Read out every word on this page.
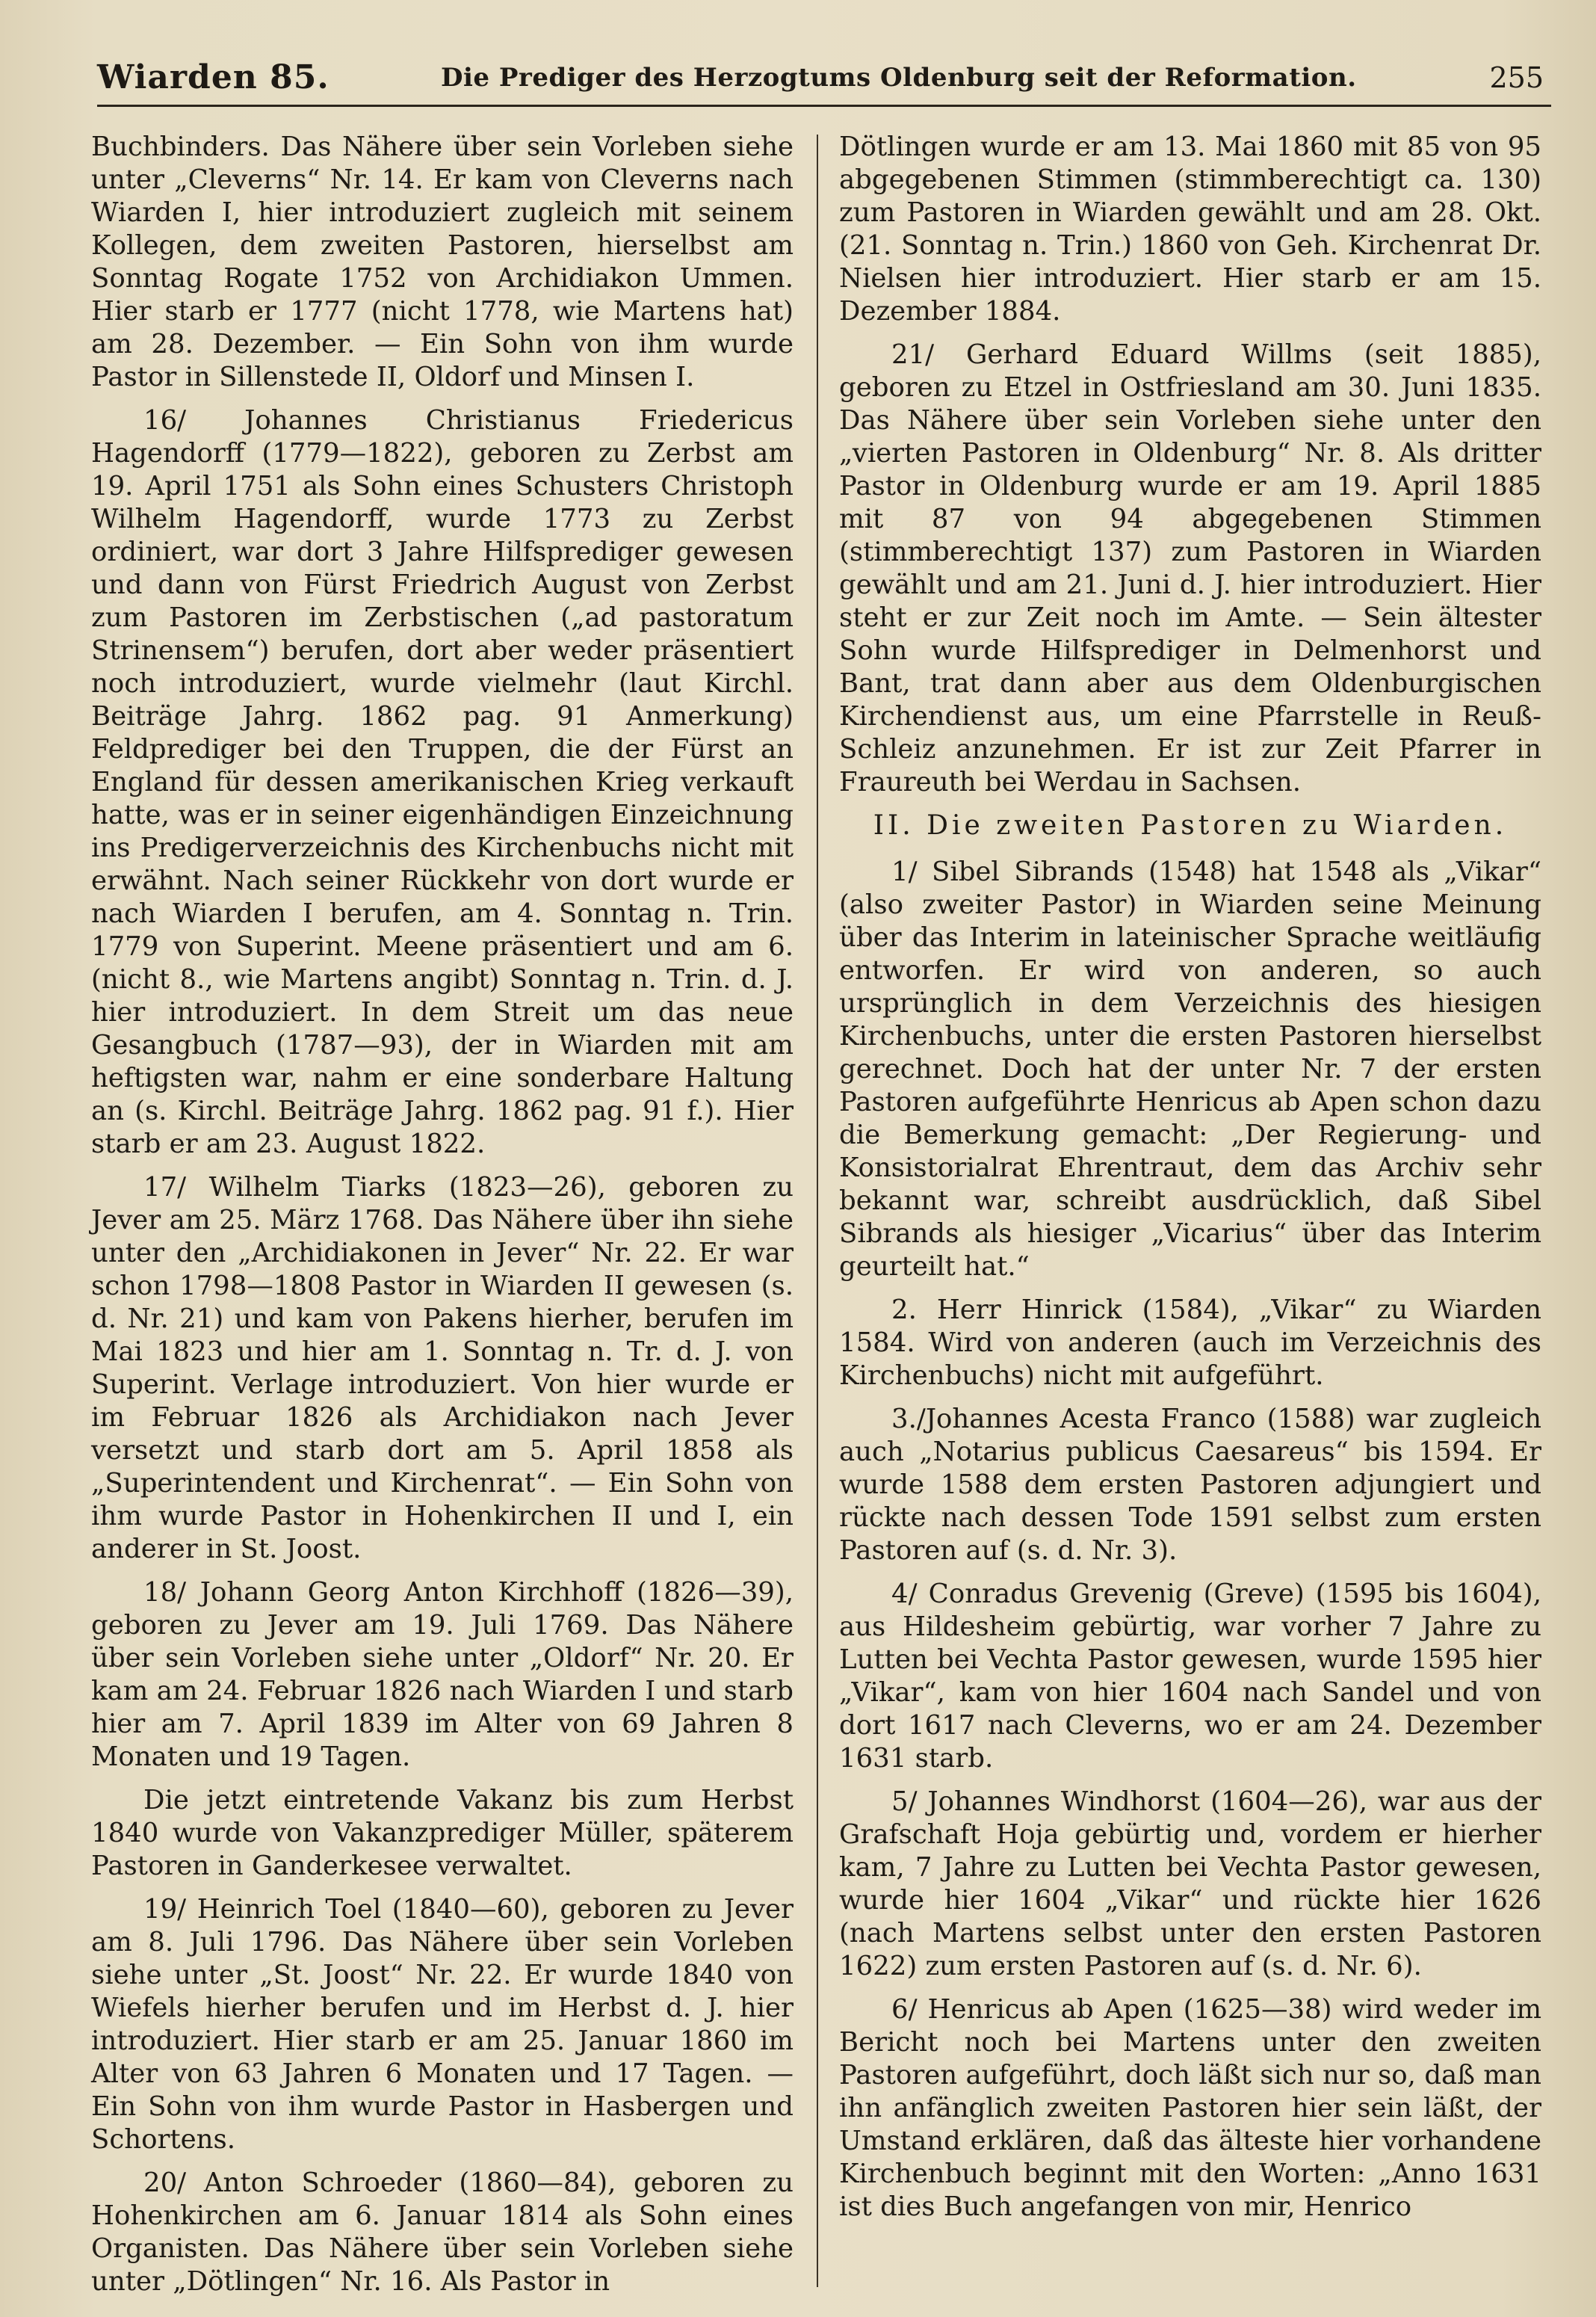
Wiarden 85.	Die Prediger des Herzogtums Oldenburg seit der Reformation.	255

Buchbinders. Das Nähere über sein Vorleben siehe unter „Cleverns“ Nr. 14. Er kam von Cleverns nach Wiarden I, hier introduziert zugleich mit seinem Kollegen, dem zweiten Pastoren, hierselbst am Sonntag Rogate 1752 von Archidiakon Ummen. Hier starb er 1777 (nicht 1778, wie Martens hat) am 28. Dezember. — Ein Sohn von ihm wurde Pastor in Sillenstede II, Oldorf und Minsen I.

16/ Johannes Christianus Friedericus Hagendorff (1779—1822), geboren zu Zerbst am 19. April 1751 als Sohn eines Schusters Christoph Wilhelm Hagendorff, wurde 1773 zu Zerbst ordiniert, war dort 3 Jahre Hilfsprediger gewesen und dann von Fürst Friedrich August von Zerbst zum Pastoren im Zerbstischen („ad pastoratum Strinensem“) berufen, dort aber weder präsentiert noch introduziert, wurde vielmehr (laut Kirchl. Beiträge Jahrg. 1862 pag. 91 Anmerkung) Feldprediger bei den Truppen, die der Fürst an England für dessen amerikanischen Krieg verkauft hatte, was er in seiner eigenhändigen Einzeichnung ins Predigerverzeichnis des Kirchenbuchs nicht mit erwähnt. Nach seiner Rückkehr von dort wurde er nach Wiarden I berufen, am 4. Sonntag n. Trin. 1779 von Superint. Meene präsentiert und am 6. (nicht 8., wie Martens angibt) Sonntag n. Trin. d. J. hier introduziert. In dem Streit um das neue Gesangbuch (1787—93), der in Wiarden mit am heftigsten war, nahm er eine sonderbare Haltung an (s. Kirchl. Beiträge Jahrg. 1862 pag. 91 f.). Hier starb er am 23. August 1822.

17/ Wilhelm Tiarks (1823—26), geboren zu Jever am 25. März 1768. Das Nähere über ihn siehe unter den „Archidiakonen in Jever“ Nr. 22. Er war schon 1798—1808 Pastor in Wiarden II gewesen (s. d. Nr. 21) und kam von Pakens hierher, berufen im Mai 1823 und hier am 1. Sonntag n. Tr. d. J. von Superint. Verlage introduziert. Von hier wurde er im Februar 1826 als Archidiakon nach Jever versetzt und starb dort am 5. April 1858 als „Superintendent und Kirchenrat“. — Ein Sohn von ihm wurde Pastor in Hohenkirchen II und I, ein anderer in St. Joost.

18/ Johann Georg Anton Kirchhoff (1826—39), geboren zu Jever am 19. Juli 1769. Das Nähere über sein Vorleben siehe unter „Oldorf“ Nr. 20. Er kam am 24. Februar 1826 nach Wiarden I und starb hier am 7. April 1839 im Alter von 69 Jahren 8 Monaten und 19 Tagen.

Die jetzt eintretende Vakanz bis zum Herbst 1840 wurde von Vakanzprediger Müller, späterem Pastoren in Ganderkesee verwaltet.

19/ Heinrich Toel (1840—60), geboren zu Jever am 8. Juli 1796. Das Nähere über sein Vorleben siehe unter „St. Joost“ Nr. 22. Er wurde 1840 von Wiefels hierher berufen und im Herbst d. J. hier introduziert. Hier starb er am 25. Januar 1860 im Alter von 63 Jahren 6 Monaten und 17 Tagen. — Ein Sohn von ihm wurde Pastor in Hasbergen und Schortens.

20/ Anton Schroeder (1860—84), geboren zu Hohenkirchen am 6. Januar 1814 als Sohn eines Organisten. Das Nähere über sein Vorleben siehe unter „Dötlingen“ Nr. 16. Als Pastor in

Dötlingen wurde er am 13. Mai 1860 mit 85 von 95 abgegebenen Stimmen (stimmberechtigt ca. 130) zum Pastoren in Wiarden gewählt und am 28. Okt. (21. Sonntag n. Trin.) 1860 von Geh. Kirchenrat Dr. Nielsen hier introduziert. Hier starb er am 15. Dezember 1884.

21/ Gerhard Eduard Willms (seit 1885), geboren zu Etzel in Ostfriesland am 30. Juni 1835. Das Nähere über sein Vorleben siehe unter den „vierten Pastoren in Oldenburg“ Nr. 8. Als dritter Pastor in Oldenburg wurde er am 19. April 1885 mit 87 von 94 abgegebenen Stimmen (stimmberechtigt 137) zum Pastoren in Wiarden gewählt und am 21. Juni d. J. hier introduziert. Hier steht er zur Zeit noch im Amte. — Sein ältester Sohn wurde Hilfsprediger in Delmenhorst und Bant, trat dann aber aus dem Oldenburgischen Kirchendienst aus, um eine Pfarrstelle in Reuß-Schleiz anzunehmen. Er ist zur Zeit Pfarrer in Fraureuth bei Werdau in Sachsen.

II. Die zweiten Pastoren zu Wiarden.

1/ Sibel Sibrands (1548) hat 1548 als „Vikar“ (also zweiter Pastor) in Wiarden seine Meinung über das Interim in lateinischer Sprache weitläufig entworfen. Er wird von anderen, so auch ursprünglich in dem Verzeichnis des hiesigen Kirchenbuchs, unter die ersten Pastoren hierselbst gerechnet. Doch hat der unter Nr. 7 der ersten Pastoren aufgeführte Henricus ab Apen schon dazu die Bemerkung gemacht: „Der Regierung- und Konsistorialrat Ehrentraut, dem das Archiv sehr bekannt war, schreibt ausdrücklich, daß Sibel Sibrands als hiesiger „Vicarius“ über das Interim geurteilt hat.“

2. Herr Hinrick (1584), „Vikar“ zu Wiarden 1584. Wird von anderen (auch im Verzeichnis des Kirchenbuchs) nicht mit aufgeführt.

3./Johannes Acesta Franco (1588) war zugleich auch „Notarius publicus Caesareus“ bis 1594. Er wurde 1588 dem ersten Pastoren adjungiert und rückte nach dessen Tode 1591 selbst zum ersten Pastoren auf (s. d. Nr. 3).

4/ Conradus Grevenig (Greve) (1595 bis 1604), aus Hildesheim gebürtig, war vorher 7 Jahre zu Lutten bei Vechta Pastor gewesen, wurde 1595 hier „Vikar“, kam von hier 1604 nach Sandel und von dort 1617 nach Cleverns, wo er am 24. Dezember 1631 starb.

5/ Johannes Windhorst (1604—26), war aus der Grafschaft Hoja gebürtig und, vordem er hierher kam, 7 Jahre zu Lutten bei Vechta Pastor gewesen, wurde hier 1604 „Vikar“ und rückte hier 1626 (nach Martens selbst unter den ersten Pastoren 1622) zum ersten Pastoren auf (s. d. Nr. 6).

6/ Henricus ab Apen (1625—38) wird weder im Bericht noch bei Martens unter den zweiten Pastoren aufgeführt, doch läßt sich nur so, daß man ihn anfänglich zweiten Pastoren hier sein läßt, der Umstand erklären, daß das älteste hier vorhandene Kirchenbuch beginnt mit den Worten: „Anno 1631 ist dies Buch angefangen von mir, Henrico
